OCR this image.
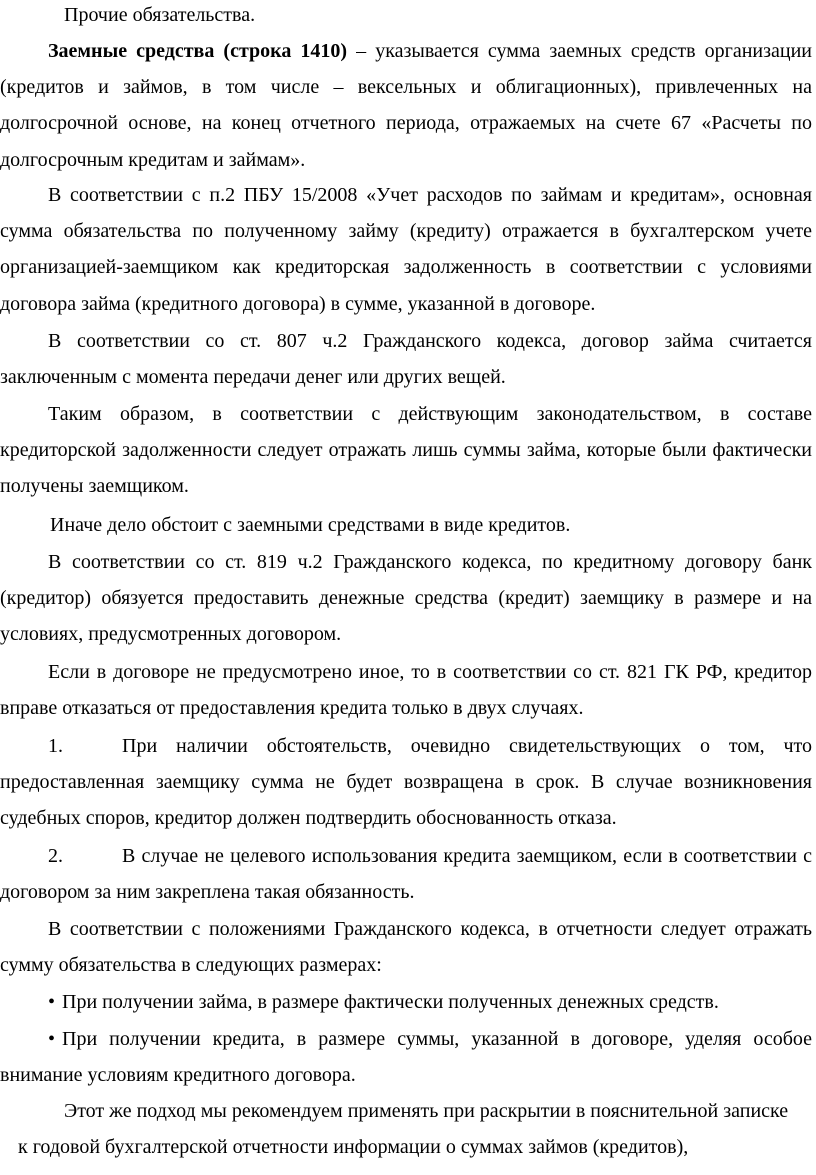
Прочие обязательства.

Заемные средства (строка 1410) – указывается сумма заемных средств организации (кредитов и займов, в том числе – вексельных и облигационных), привлеченных на долгосрочной основе, на конец отчетного периода, отражаемых на счете 67 «Расчеты по долгосрочным кредитам и займам».

В соответствии с п.2 ПБУ 15/2008 «Учет расходов по займам и кредитам», основная сумма обязательства по полученному займу (кредиту) отражается в бухгалтерском учете организацией-заемщиком как кредиторская задолженность в соответствии с условиями договора займа (кредитного договора) в сумме, указанной в договоре.

В соответствии со ст. 807 ч.2 Гражданского кодекса, договор займа считается заключенным с момента передачи денег или других вещей.

Таким образом, в соответствии с действующим законодательством, в составе кредиторской задолженности следует отражать лишь суммы займа, которые были фактически получены заемщиком.

Иначе дело обстоит с заемными средствами в виде кредитов.

В соответствии со ст. 819 ч.2 Гражданского кодекса, по кредитному договору банк (кредитор) обязуется предоставить денежные средства (кредит) заемщику в размере и на условиях, предусмотренных договором.

Если в договоре не предусмотрено иное, то в соответствии со ст. 821 ГК РФ, кредитор вправе отказаться от предоставления кредита только в двух случаях.

1.	При наличии обстоятельств, очевидно свидетельствующих о том, что предоставленная заемщику сумма не будет возвращена в срок. В случае возникновения судебных споров, кредитор должен подтвердить обоснованность отказа.

2.	В случае не целевого использования кредита заемщиком, если в соответствии с договором за ним закреплена такая обязанность.

В соответствии с положениями Гражданского кодекса, в отчетности следует отражать сумму обязательства в следующих размерах:

• При получении займа, в размере фактически полученных денежных средств.

• При получении кредита, в размере суммы, указанной в договоре, уделяя особое внимание условиям кредитного договора.

Этот же подход мы рекомендуем применять при раскрытии в пояснительной записке

к годовой бухгалтерской отчетности информации о суммах займов (кредитов),
